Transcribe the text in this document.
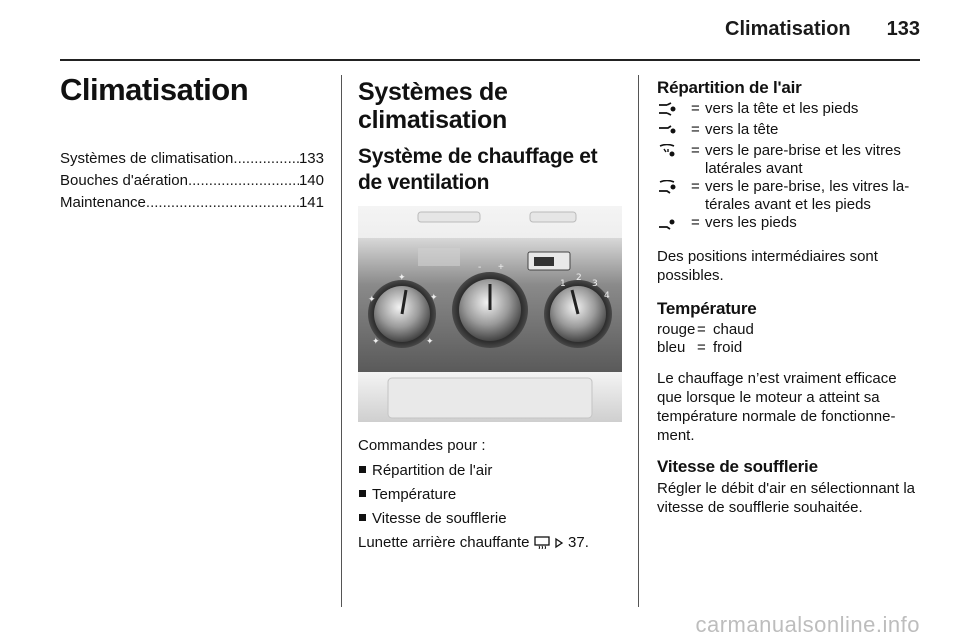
Climatisation 133
Climatisation
Systèmes de climatisation .....	133
Bouches d'aération .....	140
Maintenance .....	141
Systèmes de climatisation
Système de chauffage et de ventilation
✦
✦
✦
✦	✦
- +
1
2
3
4
Commandes pour :
Répartition de l'air
Température
Vitesse de soufflerie
Lunette arrière chauffante	37.
Répartition de l'air
= vers la tête et les pieds
= vers la tête
= vers le pare-brise et les vitres latérales avant
= vers le pare-brise, les vitres la-térales avant et les pieds
= vers les pieds
Des positions intermédiaires sont possibles.
Température
rouge = chaud
bleu = froid
Le chauffage n’est vraiment efficace que lorsque le moteur a atteint sa température normale de fonctionne-ment.
Vitesse de soufflerie
Régler le débit d'air en sélectionnant la vitesse de soufflerie souhaitée.
carmanualsonline.info
